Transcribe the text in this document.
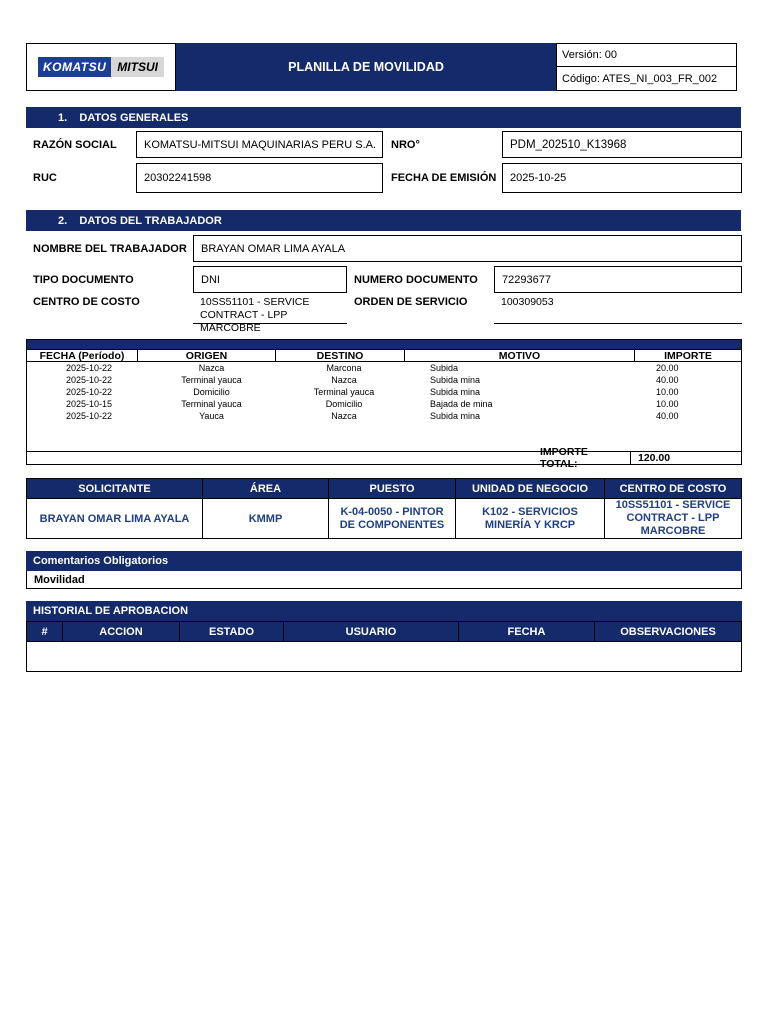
KOMATSU MITSUI	PLANILLA DE MOVILIDAD
Versión: 00
Código: ATES_NI_003_FR_002
1.    DATOS GENERALES
RAZÓN SOCIAL	KOMATSU-MITSUI MAQUINARIAS PERU S.A.	NRO°	PDM_202510_K13968
RUC	20302241598	FECHA DE EMISIÓN	2025-10-25
2.    DATOS DEL TRABAJADOR
NOMBRE DEL TRABAJADOR	BRAYAN OMAR LIMA AYALA
TIPO DOCUMENTO	DNI	NUMERO DOCUMENTO	72293677
CENTRO DE COSTO	10SS51101 - SERVICE CONTRACT - LPP MARCOBRE
ORDEN DE SERVICIO	100309053
FECHA (Período)	ORIGEN	DESTINO	MOTIVO	IMPORTE
2025-10-22	Nazca	Marcona	Subida	20.00
2025-10-22	Terminal yauca	Nazca	Subida mina	40.00
2025-10-22	Domicilio	Terminal yauca	Subida mina	10.00
2025-10-15	Terminal yauca	Domicilio	Bajada de mina	10.00
2025-10-22	Yauca	Nazca	Subida mina	40.00
IMPORTE TOTAL:	120.00
SOLICITANTE	ÁREA	PUESTO	UNIDAD DE NEGOCIO	CENTRO DE COSTO
BRAYAN OMAR LIMA AYALA	KMMP	K-04-0050 - PINTOR DE COMPONENTES	K102 - SERVICIOS MINERÍA Y KRCP	10SS51101 - SERVICE CONTRACT - LPP MARCOBRE
Comentarios Obligatorios
Movilidad
HISTORIAL DE APROBACION
#	ACCION	ESTADO	USUARIO	FECHA	OBSERVACIONES
